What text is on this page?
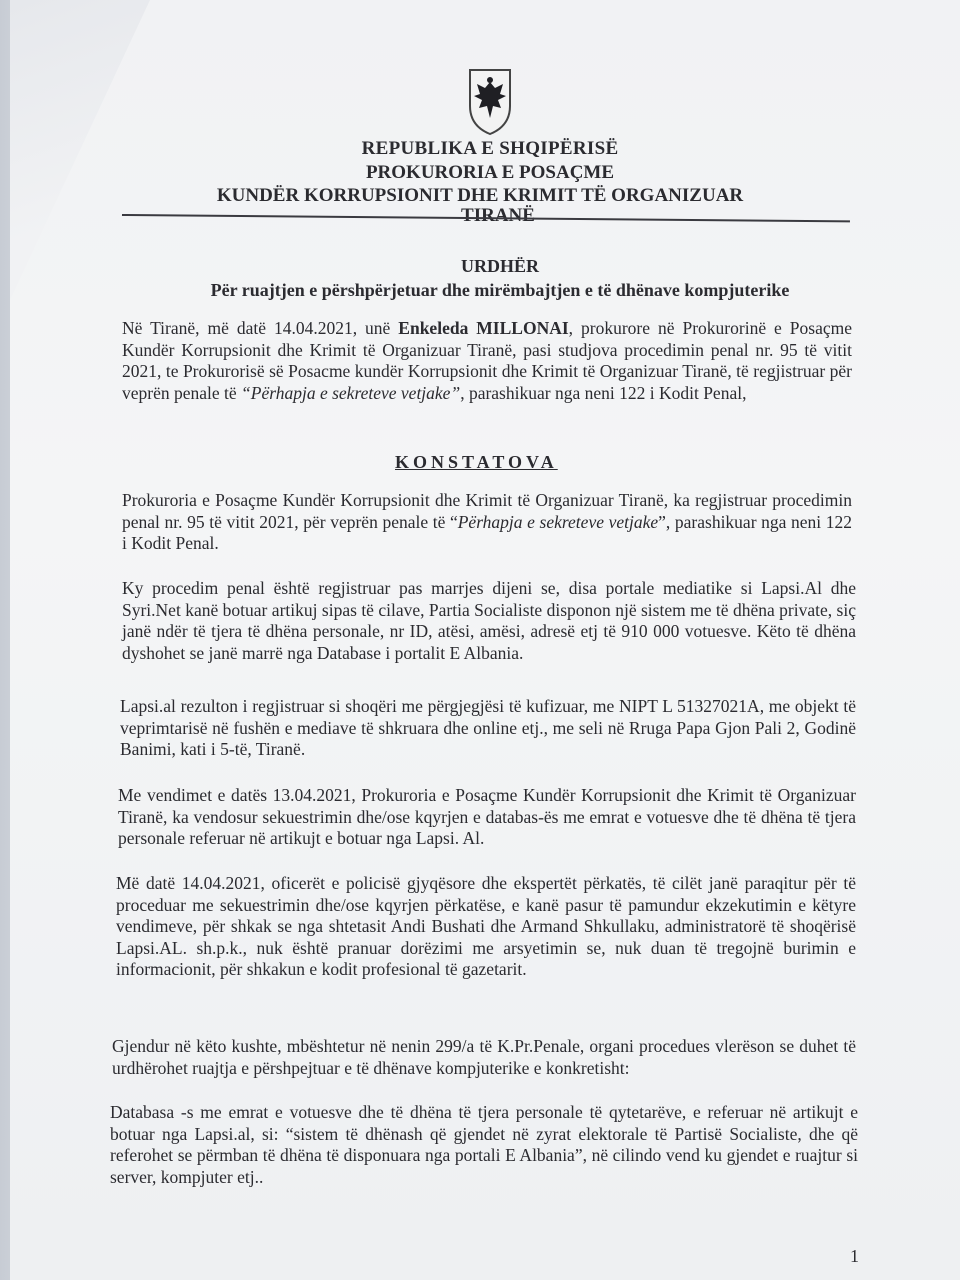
REPUBLIKA E SHQIPËRISË
PROKURORIA E POSAÇME
KUNDËR KORRUPSIONIT DHE KRIMIT TË ORGANIZUAR
TIRANË
URDHËR
Për ruajtjen e përshpërjetuar dhe mirëmbajtjen e të dhënave kompjuterike
Në Tiranë, më datë 14.04.2021, unë Enkeleda MILLONAI, prokurore në Prokurorinë e Posaçme Kundër Korrupsionit dhe Krimit të Organizuar Tiranë, pasi studjova procedimin penal nr. 95 të vitit 2021, te Prokurorisë së Posacme kundër Korrupsionit dhe Krimit të Organizuar Tiranë, të regjistruar për veprën penale të “Përhapja e sekreteve vetjake”, parashikuar nga neni 122 i Kodit Penal,
KONSTATOVA
Prokuroria e Posaçme Kundër Korrupsionit dhe Krimit të Organizuar Tiranë, ka regjistruar procedimin penal nr. 95 të vitit 2021, për veprën penale të “Përhapja e sekreteve vetjake”, parashikuar nga neni 122 i Kodit Penal.
Ky procedim penal është regjistruar pas marrjes dijeni se, disa portale mediatike si Lapsi.Al dhe Syri.Net kanë botuar artikuj sipas të cilave, Partia Socialiste disponon një sistem me të dhëna private, siç janë ndër të tjera të dhëna personale, nr ID, atësi, amësi, adresë etj të 910 000 votuesve. Këto të dhëna dyshohet se janë marrë nga Database i portalit E Albania.
Lapsi.al rezulton i regjistruar si shoqëri me përgjegjësi të kufizuar, me NIPT L 51327021A, me objekt të veprimtarisë në fushën e mediave të shkruara dhe online etj., me seli në Rruga Papa Gjon Pali 2, Godinë Banimi, kati i 5-të, Tiranë.
Me vendimet e datës 13.04.2021, Prokuroria e Posaçme Kundër Korrupsionit dhe Krimit të Organizuar Tiranë, ka vendosur sekuestrimin dhe/ose kqyrjen e databas-ës me emrat e votuesve dhe të dhëna të tjera personale referuar në artikujt e botuar nga Lapsi. Al.
Më datë 14.04.2021, oficerët e policisë gjyqësore dhe ekspertët përkatës, të cilët janë paraqitur për të proceduar me sekuestrimin dhe/ose kqyrjen përkatëse, e kanë pasur të pamundur ekzekutimin e këtyre vendimeve, për shkak se nga shtetasit Andi Bushati dhe Armand Shkullaku, administratorë të shoqërisë Lapsi.AL. sh.p.k., nuk është pranuar dorëzimi me arsyetimin se, nuk duan të tregojnë burimin e informacionit, për shkakun e kodit profesional të gazetarit.
Gjendur në këto kushte, mbështetur në nenin 299/a të K.Pr.Penale, organi procedues vlerëson se duhet të urdhërohet ruajtja e përshpejtuar e të dhënave kompjuterike e konkretisht:
Databasa -s me emrat e votuesve dhe të dhëna të tjera personale të qytetarëve, e referuar në artikujt e botuar nga Lapsi.al, si: “sistem të dhënash që gjendet në zyrat elektorale të Partisë Socialiste, dhe që referohet se përmban të dhëna të disponuara nga portali E Albania”, në cilindo vend ku gjendet e ruajtur si server, kompjuter etj..
1
